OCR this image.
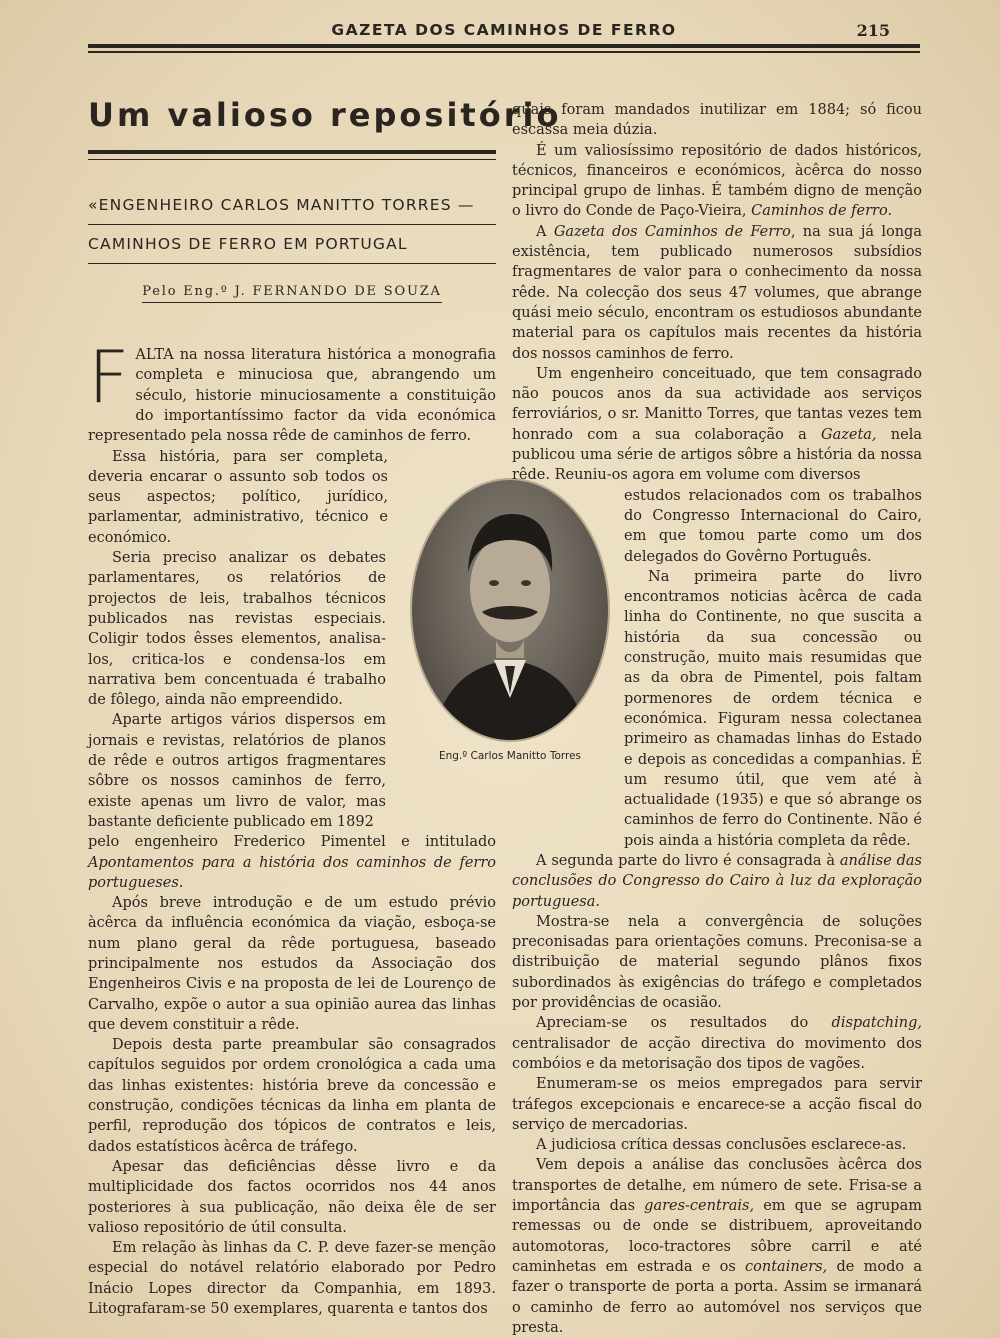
GAZETA DOS CAMINHOS DE FERRO	215
Um valioso repositório
«ENGENHEIRO CARLOS MANITTO TORRES —
CAMINHOS DE FERRO EM PORTUGAL
Pelo Eng.º J. FERNANDO DE SOUZA

FALTA na nossa literatura histórica a monografia completa e minuciosa que, abrangendo um século, historie minuciosamente a constituição do importantíssimo factor da vida económica representado pela nossa rêde de caminhos de ferro.

Essa história, para ser completa, deveria encarar o assunto sob todos os seus aspectos; político, jurídico, parlamentar, administrativo, técnico e económico.

Seria preciso analizar os debates parlamentares, os relatórios de projectos de leis, trabalhos técnicos publicados nas revistas especiais. Coligir todos êsses elementos, analisa-los, critica-los e condensa-los em narrativa bem concentuada é trabalho de fôlego, ainda não empreendido.

Aparte artigos vários dispersos em jornais e revistas, relatórios de planos de rêde e outros artigos fragmentares sôbre os nossos caminhos de ferro, existe apenas um livro de valor, mas bastante deficiente publicado em 1892

pelo engenheiro Frederico Pimentel e intitulado Apontamentos para a história dos caminhos de ferro portugueses.

Após breve introdução e de um estudo prévio àcêrca da influência económica da viação, esboça-se num plano geral da rêde portuguesa, baseado principalmente nos estudos da Associação dos Engenheiros Civis e na proposta de lei de Lourenço de Carvalho, expõe o autor a sua opinião aurea das linhas que devem constituir a rêde.

Depois desta parte preambular são consagrados capítulos seguidos por ordem cronológica a cada uma das linhas existentes: história breve da concessão e construção, condições técnicas da linha em planta de perfil, reprodução dos tópicos de contratos e leis, dados estatísticos àcêrca de tráfego.

Apesar das deficiências dêsse livro e da multiplicidade dos factos ocorridos nos 44 anos posteriores à sua publicação, não deixa êle de ser valioso repositório de útil consulta.

Em relação às linhas da C. P. deve fazer-se menção especial do notável relatório elaborado por Pedro Inácio Lopes director da Companhia, em 1893. Litografaram-se 50 exemplares, quarenta e tantos dos

Eng.º Carlos Manitto Torres

quais foram mandados inutilizar em 1884; só ficou escassa meia dúzia.

É um valiosíssimo repositório de dados históricos, técnicos, financeiros e económicos, àcêrca do nosso principal grupo de linhas. É também digno de menção o livro do Conde de Paço-Vieira, Caminhos de ferro.

A Gazeta dos Caminhos de Ferro, na sua já longa existência, tem publicado numerosos subsídios fragmentares de valor para o conhecimento da nossa rêde. Na colecção dos seus 47 volumes, que abrange quási meio século, encontram os estudiosos abundante material para os capítulos mais recentes da história dos nossos caminhos de ferro.

Um engenheiro conceituado, que tem consagrado não poucos anos da sua actividade aos serviços ferroviários, o sr. Manitto Torres, que tantas vezes tem honrado com a sua colaboração a Gazeta, nela publicou uma série de artigos sôbre a história da nossa rêde. Reuniu-os agora em volume com diversos

estudos relacionados com os trabalhos do Congresso Internacional do Cairo, em que tomou parte como um dos delegados do Govêrno Português.

Na primeira parte do livro encontramos noticias àcêrca de cada linha do Continente, no que suscita a história da sua concessão ou construção, muito mais resumidas que as da obra de Pimentel, pois faltam pormenores de ordem técnica e económica. Figuram nessa colectanea primeiro as chamadas linhas do Estado e depois as concedidas a companhias. É um resumo útil, que vem até à actualidade (1935) e que só abrange os caminhos de ferro do Continente. Não é pois ainda a história completa da rêde.

A segunda parte do livro é consagrada à análise das conclusões do Congresso do Cairo à luz da exploração portuguesa.

Mostra-se nela a convergência de soluções preconisadas para orientações comuns. Preconisa-se a distribuição de material segundo plânos fixos subordinados às exigências do tráfego e completados por providências de ocasião.

Apreciam-se os resultados do dispatching, centralisador de acção directiva do movimento dos combóios e da metorisação dos tipos de vagões.

Enumeram-se os meios empregados para servir tráfegos excepcionais e encarece-se a acção fiscal do serviço de mercadorias.

A judiciosa crítica dessas conclusões esclarece-as.

Vem depois a análise das conclusões àcêrca dos transportes de detalhe, em número de sete. Frisa-se a importância das gares-centrais, em que se agrupam remessas ou de onde se distribuem, aproveitando automotoras, loco-tractores sôbre carril e até caminhetas em estrada e os containers, de modo a fazer o transporte de porta a porta. Assim se irmanará o caminho de ferro ao automóvel nos serviços que presta.
